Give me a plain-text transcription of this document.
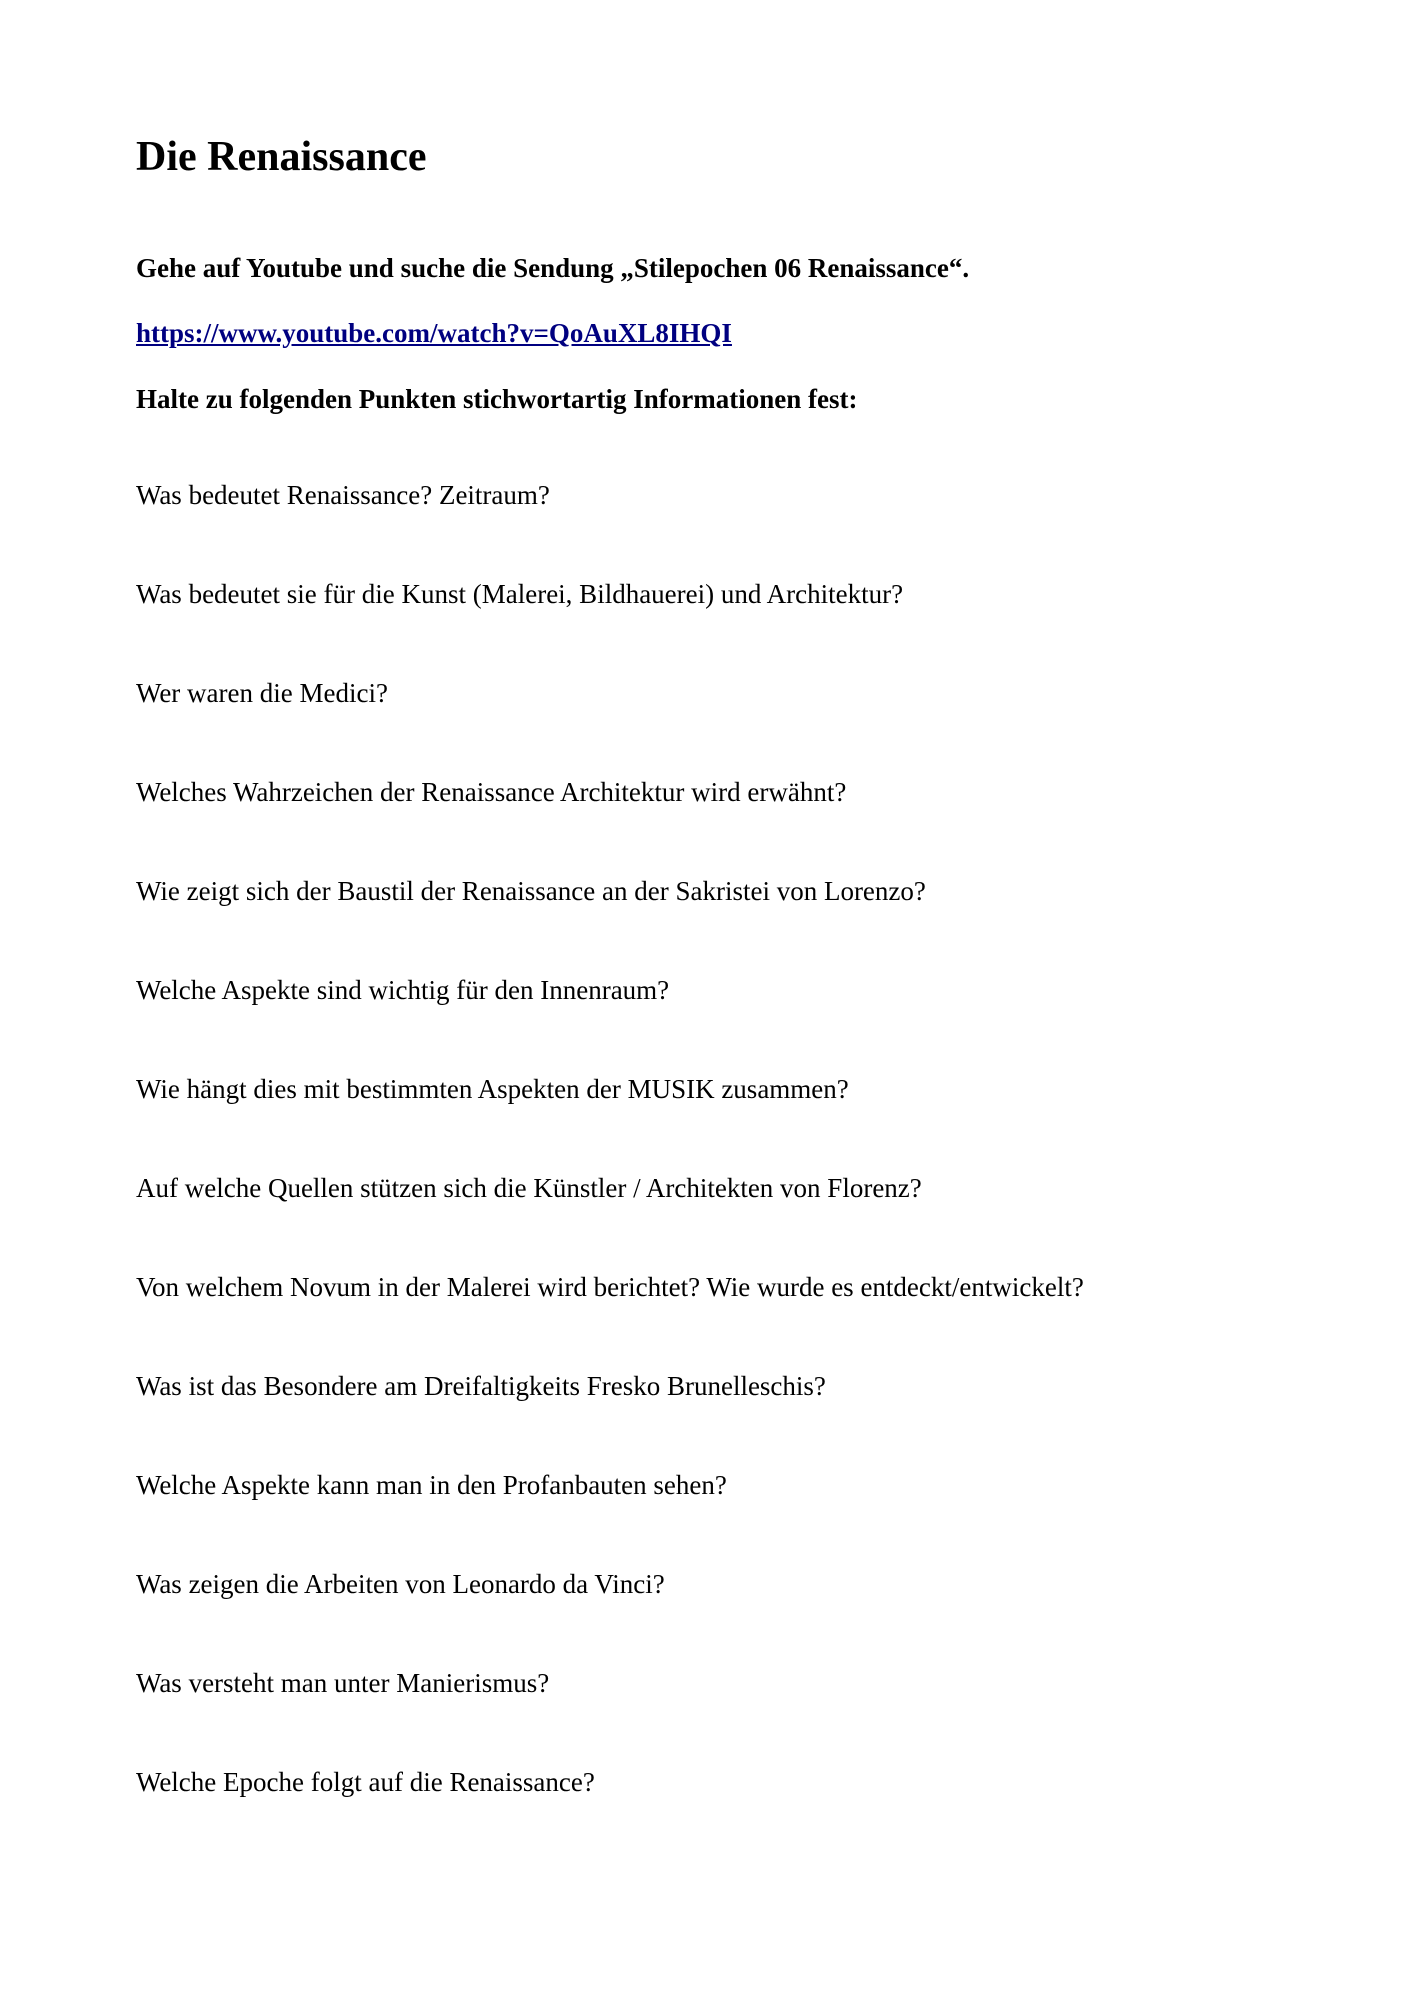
Die Renaissance

Gehe auf Youtube und suche die Sendung „Stilepochen 06 Renaissance“.

https://www.youtube.com/watch?v=QoAuXL8IHQI

Halte zu folgenden Punkten stichwortartig Informationen fest:

Was bedeutet Renaissance? Zeitraum?
Was bedeutet sie für die Kunst (Malerei, Bildhauerei) und Architektur?
Wer waren die Medici?
Welches Wahrzeichen der Renaissance Architektur wird erwähnt?
Wie zeigt sich der Baustil der Renaissance an der Sakristei von Lorenzo?
Welche Aspekte sind wichtig für den Innenraum?
Wie hängt dies mit bestimmten Aspekten der MUSIK zusammen?
Auf welche Quellen stützen sich die Künstler / Architekten von Florenz?
Von welchem Novum in der Malerei wird berichtet? Wie wurde es entdeckt/entwickelt?
Was ist das Besondere am Dreifaltigkeits Fresko Brunelleschis?
Welche Aspekte kann man in den Profanbauten sehen?
Was zeigen die Arbeiten von Leonardo da Vinci?
Was versteht man unter Manierismus?
Welche Epoche folgt auf die Renaissance?
